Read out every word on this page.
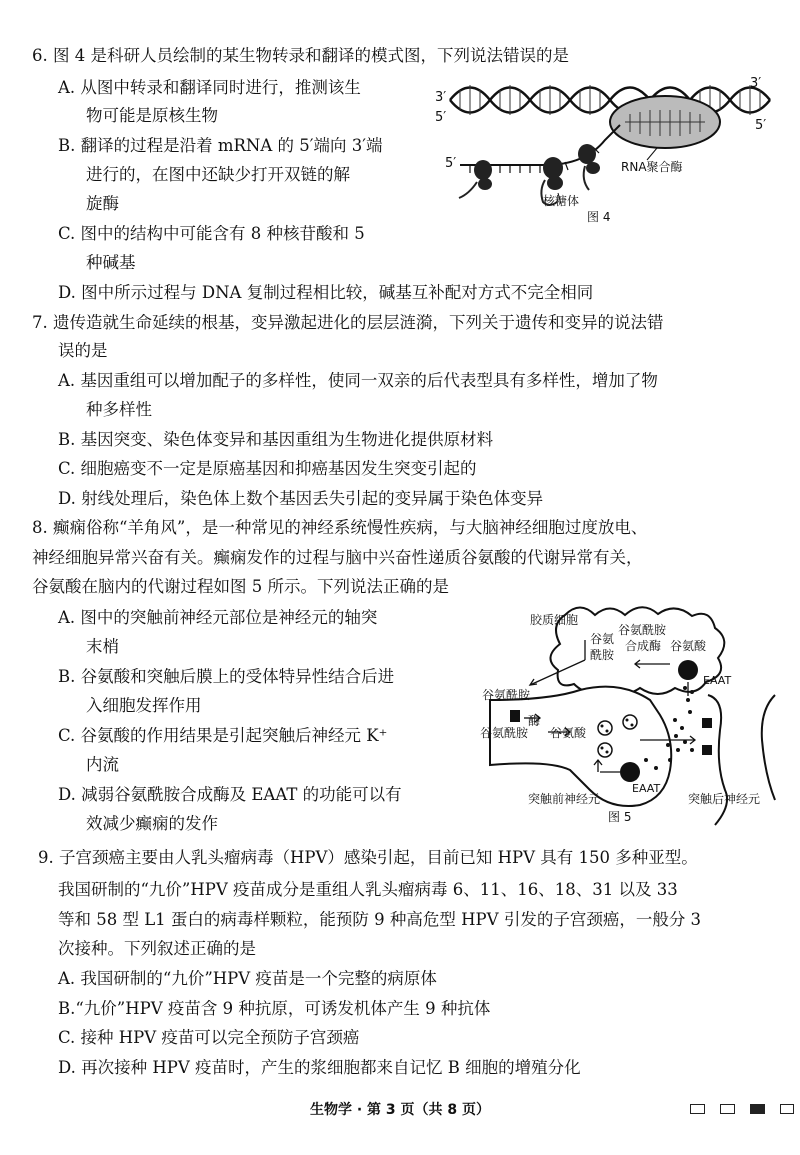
6. 图 4 是科研人员绘制的某生物转录和翻译的模式图，下列说法错误的是
A. 从图中转录和翻译同时进行，推测该生
物可能是原核生物
B. 翻译的过程是沿着 mRNA 的 5′端向 3′端
进行的，在图中还缺少打开双链的解
旋酶
C. 图中的结构中可能含有 8 种核苷酸和 5
种碱基
D. 图中所示过程与 DNA 复制过程相比较，碱基互补配对方式不完全相同
3′
5′
3′
5′
5′	RNA聚合酶
核糖体
图 4
7. 遗传造就生命延续的根基，变异激起进化的层层涟漪，下列关于遗传和变异的说法错
误的是
A. 基因重组可以增加配子的多样性，使同一双亲的后代表型具有多样性，增加了物
种多样性
B. 基因突变、染色体变异和基因重组为生物进化提供原材料
C. 细胞癌变不一定是原癌基因和抑癌基因发生突变引起的
D. 射线处理后，染色体上数个基因丢失引起的变异属于染色体变异
8. 癫痫俗称“羊角风”，是一种常见的神经系统慢性疾病，与大脑神经细胞过度放电、
神经细胞异常兴奋有关。癫痫发作的过程与脑中兴奋性递质谷氨酸的代谢异常有关，
谷氨酸在脑内的代谢过程如图 5 所示。下列说法正确的是
A. 图中的突触前神经元部位是神经元的轴突
末梢
B. 谷氨酸和突触后膜上的受体特异性结合后进
入细胞发挥作用
C. 谷氨酸的作用结果是引起突触后神经元 K⁺
内流
D. 减弱谷氨酰胺合成酶及 EAAT 的功能可以有
效减少癫痫的发作
胶质细胞
谷氨酰胺
合成酶
谷氨
酰胺
谷氨酸
EAAT
谷氨酰胺
酶
谷氨酰胺 谷氨酸
EAAT
突触前神经元	突触后神经元
图 5
9. 子宫颈癌主要由人乳头瘤病毒（HPV）感染引起，目前已知 HPV 具有 150 多种亚型。
我国研制的“九价”HPV 疫苗成分是重组人乳头瘤病毒 6、11、16、18、31 以及 33
等和 58 型 L1 蛋白的病毒样颗粒，能预防 9 种高危型 HPV 引发的子宫颈癌，一般分 3
次接种。下列叙述正确的是
A. 我国研制的“九价”HPV 疫苗是一个完整的病原体
B.“九价”HPV 疫苗含 9 种抗原，可诱发机体产生 9 种抗体
C. 接种 HPV 疫苗可以完全预防子宫颈癌
D. 再次接种 HPV 疫苗时，产生的浆细胞都来自记忆 B 细胞的增殖分化
生物学 · 第 3 页（共 8 页）
